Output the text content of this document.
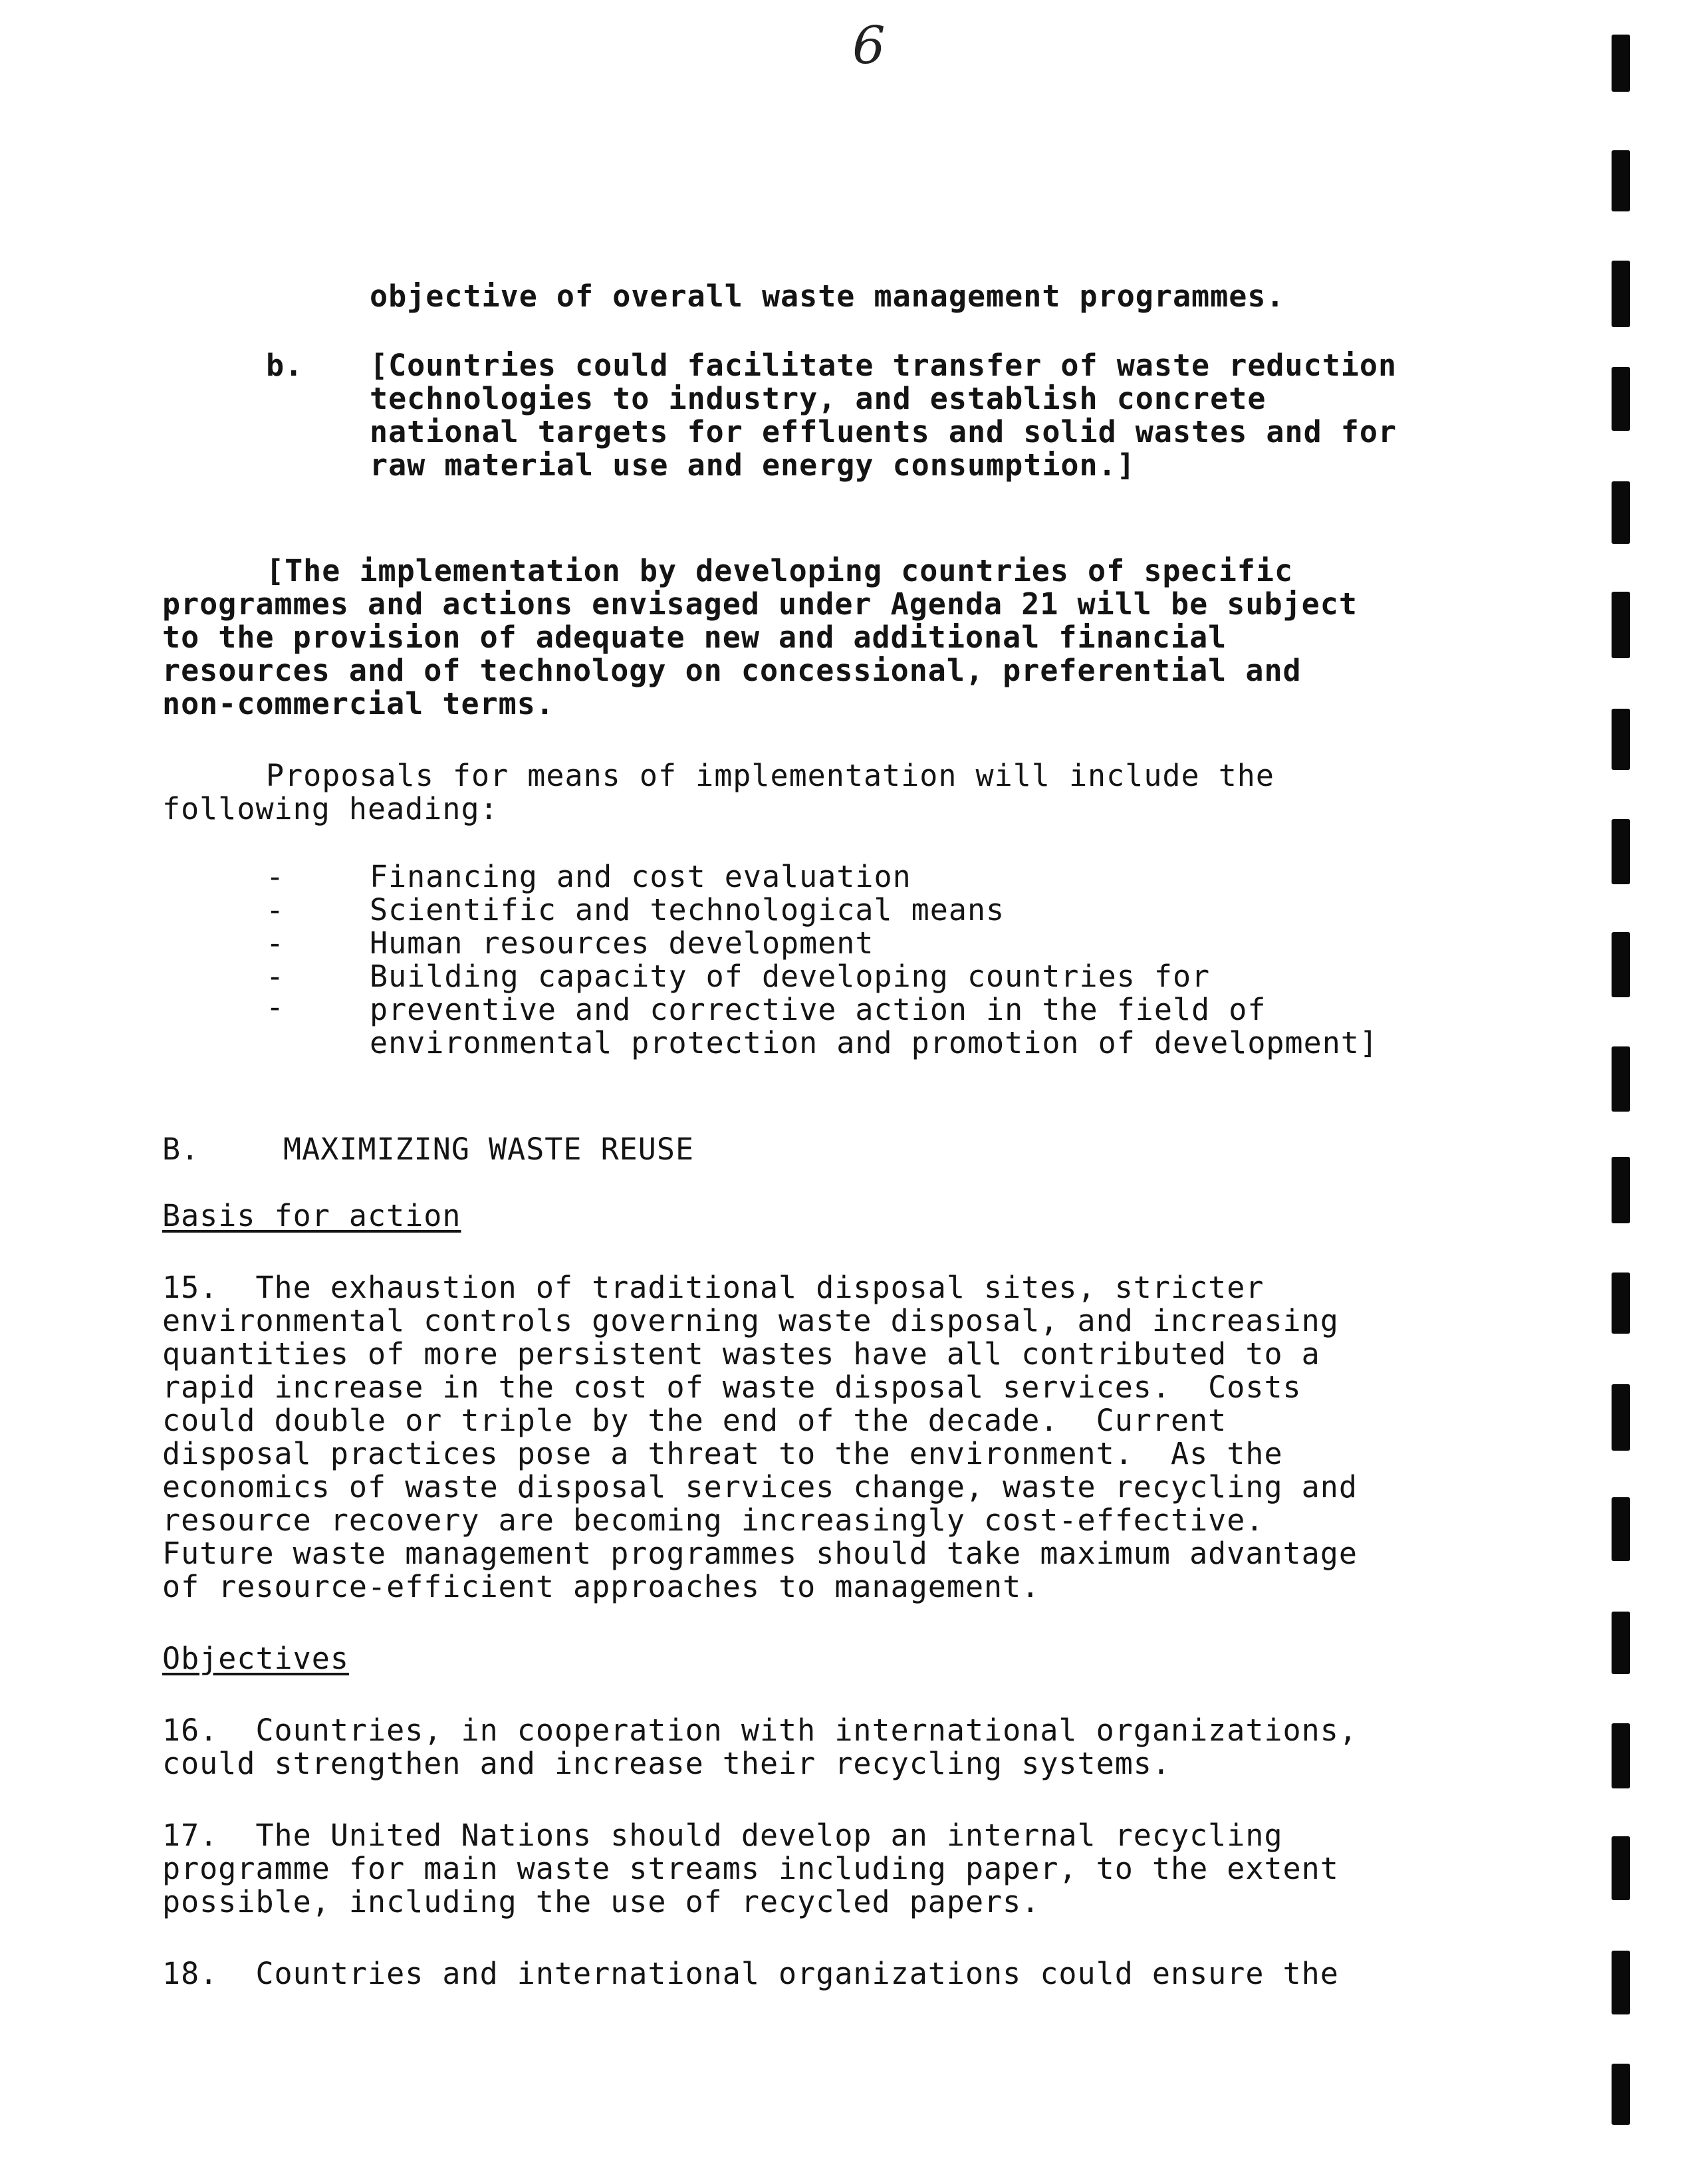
6
objective of overall waste management programmes.
b. [Countries could facilitate transfer of waste reduction
technologies to industry, and establish concrete
national targets for effluents and solid wastes and for
raw material use and energy consumption.]
[The implementation by developing countries of specific
programmes and actions envisaged under Agenda 21 will be subject
to the provision of adequate new and additional financial
resources and of technology on concessional, preferential and
non-commercial terms.
Proposals for means of implementation will include the
following heading:
-	Financing and cost evaluation
-	Scientific and technological means
-	Human resources development
-	Building capacity of developing countries for
-	preventive and corrective action in the field of
environmental protection and promotion of development]
B.	MAXIMIZING WASTE REUSE
Basis for action
15.  The exhaustion of traditional disposal sites, stricter
environmental controls governing waste disposal, and increasing
quantities of more persistent wastes have all contributed to a
rapid increase in the cost of waste disposal services.  Costs
could double or triple by the end of the decade.  Current
disposal practices pose a threat to the environment.  As the
economics of waste disposal services change, waste recycling and
resource recovery are becoming increasingly cost-effective.
Future waste management programmes should take maximum advantage
of resource-efficient approaches to management.
Objectives
16.  Countries, in cooperation with international organizations,
could strengthen and increase their recycling systems.
17.  The United Nations should develop an internal recycling
programme for main waste streams including paper, to the extent
possible, including the use of recycled papers.
18.  Countries and international organizations could ensure the
